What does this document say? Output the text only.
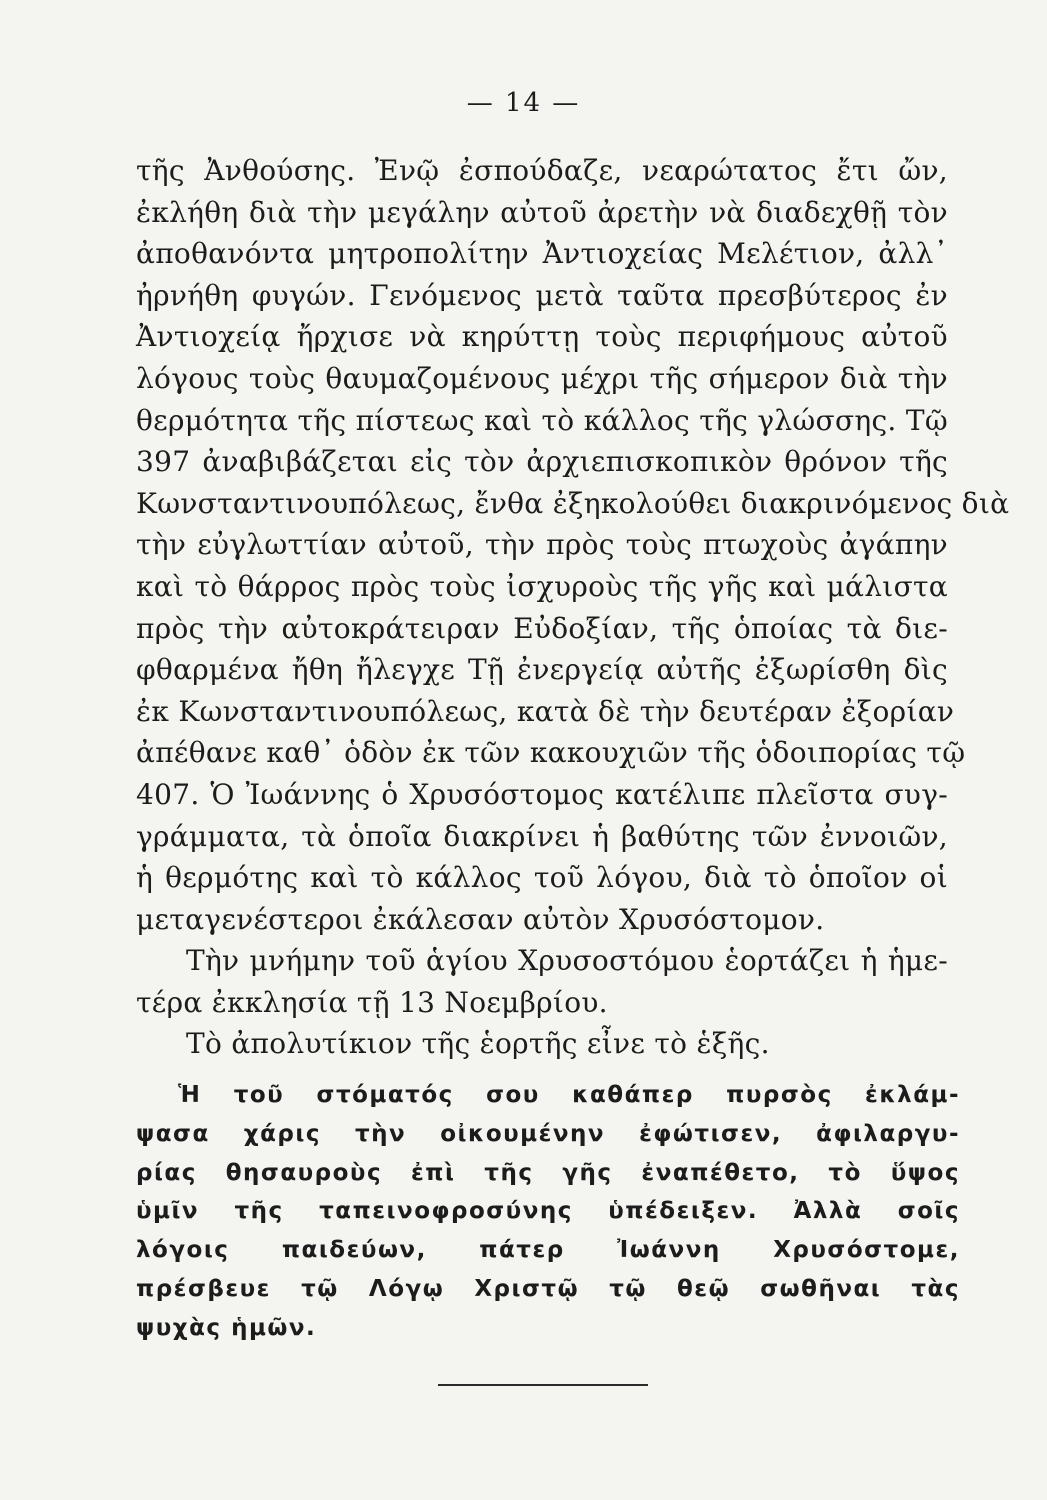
— 14 —
τῆς Ἀνθούσης. Ἐνῷ ἐσπούδαζε, νεαρώτατος ἔτι ὤν,
ἐκλήθη διὰ τὴν μεγάλην αὐτοῦ ἀρετὴν νὰ διαδεχθῇ τὸν
ἀποθανόντα μητροπολίτην Ἀντιοχείας Μελέτιον, ἀλλ᾽
ἠρνήθη φυγών. Γενόμενος μετὰ ταῦτα πρεσβύτερος ἐν
Ἀντιοχείᾳ ἤρχισε νὰ κηρύττῃ τοὺς περιφήμους αὐτοῦ
λόγους τοὺς θαυμαζομένους μέχρι τῆς σήμερον διὰ τὴν
θερμότητα τῆς πίστεως καὶ τὸ κάλλος τῆς γλώσσης. Τῷ
397 ἀναβιβάζεται εἰς τὸν ἀρχιεπισκοπικὸν θρόνον τῆς
Κωνσταντινουπόλεως, ἔνθα ἐξηκολούθει διακρινόμενος διὰ
τὴν εὐγλωττίαν αὐτοῦ, τὴν πρὸς τοὺς πτωχοὺς ἀγάπην
καὶ τὸ θάρρος πρὸς τοὺς ἰσχυροὺς τῆς γῆς καὶ μάλιστα
πρὸς τὴν αὐτοκράτειραν Εὐδοξίαν, τῆς ὁποίας τὰ διε-
φθαρμένα ἤθη ἤλεγχε Τῇ ἐνεργείᾳ αὐτῆς ἐξωρίσθη δὶς
ἐκ Κωνσταντινουπόλεως, κατὰ δὲ τὴν δευτέραν ἐξορίαν
ἀπέθανε καθ᾽ ὁδὸν ἐκ τῶν κακουχιῶν τῆς ὁδοιπορίας τῷ
407. Ὁ Ἰωάννης ὁ Χρυσόστομος κατέλιπε πλεῖστα συγ-
γράμματα, τὰ ὁποῖα διακρίνει ἡ βαθύτης τῶν ἐννοιῶν,
ἡ θερμότης καὶ τὸ κάλλος τοῦ λόγου, διὰ τὸ ὁποῖον οἱ
μεταγενέστεροι ἐκάλεσαν αὐτὸν Χρυσόστομον.
Τὴν μνήμην τοῦ ἁγίου Χρυσοστόμου ἑορτάζει ἡ ἡμε-
τέρα ἐκκλησία τῇ 13 Νοεμβρίου.
Τὸ ἀπολυτίκιον τῆς ἑορτῆς εἶνε τὸ ἑξῆς.
Ἡ τοῦ στόματός σου καθάπερ πυρσὸς ἐκλάμ-
ψασα χάρις τὴν οἰκουμένην ἐφώτισεν, ἀφιλαργυ-
ρίας θησαυροὺς ἐπὶ τῆς γῆς ἐναπέθετο, τὸ ὕψος
ὑμῖν τῆς ταπεινοφροσύνης ὑπέδειξεν. Ἀλλὰ σοῖς
λόγοις παιδεύων, πάτερ Ἰωάννη Χρυσόστομε,
πρέσβευε τῷ Λόγῳ Χριστῷ τῷ θεῷ σωθῆναι τὰς
ψυχὰς ἡμῶν.
